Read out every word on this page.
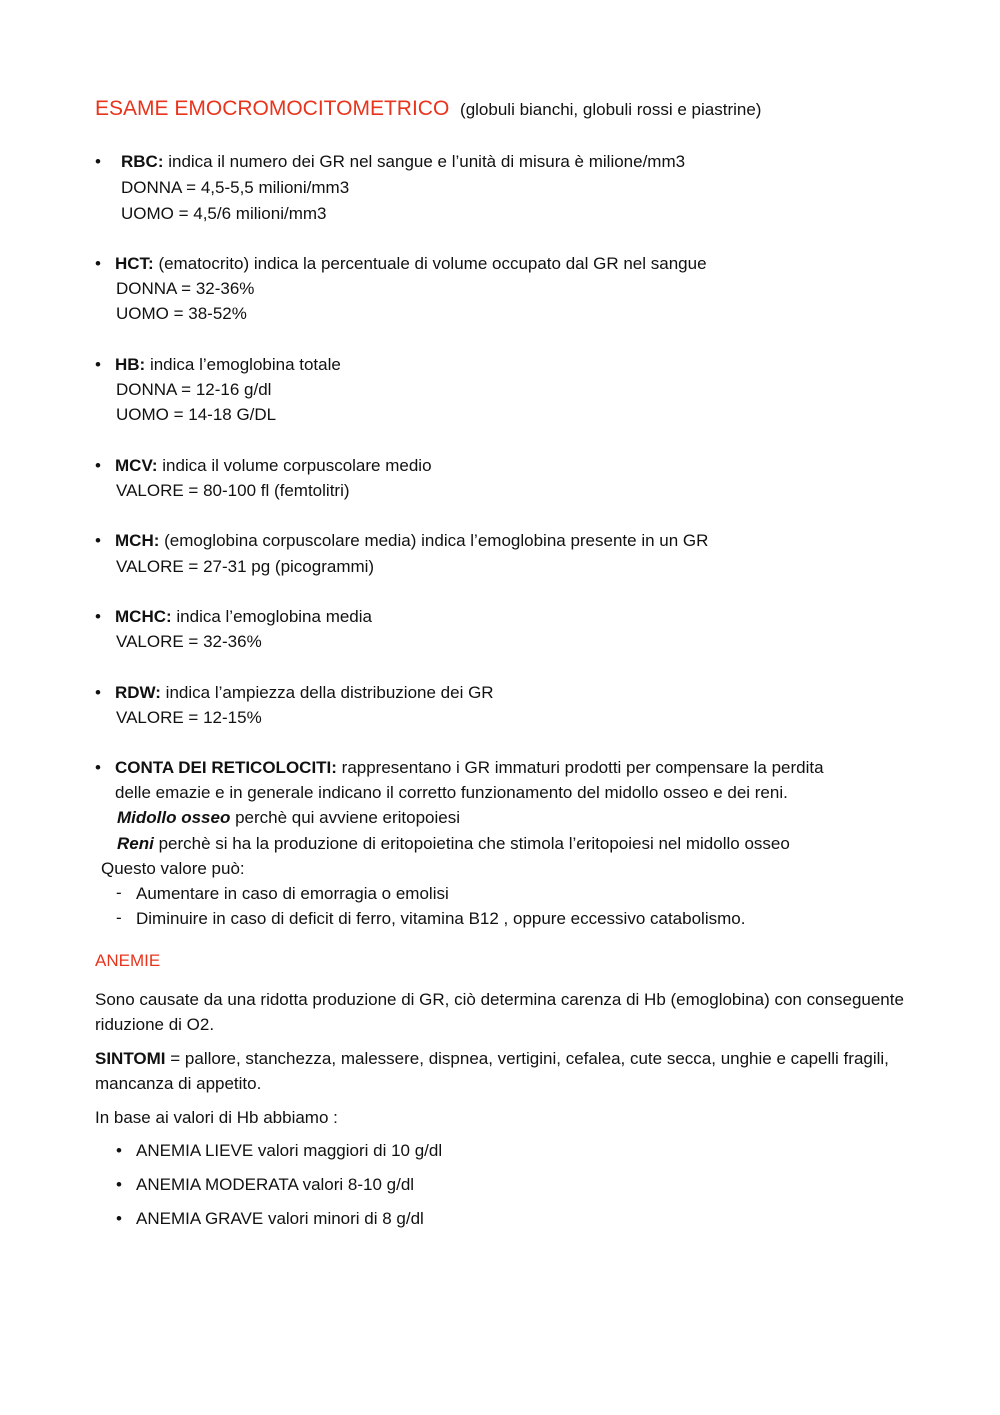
ESAME EMOCROMOCITOMETRICO (globuli bianchi, globuli rossi e piastrine)
• RBC: indica il numero dei GR nel sangue e l’unità di misura è milione/mm3
DONNA = 4,5-5,5 milioni/mm3
UOMO = 4,5/6 milioni/mm3
• HCT: (ematocrito) indica la percentuale di volume occupato dal GR nel sangue
DONNA = 32-36%
UOMO = 38-52%
• HB: indica l’emoglobina totale
DONNA = 12-16 g/dl
UOMO = 14-18 G/DL
• MCV: indica il volume corpuscolare medio
VALORE = 80-100 fl (femtolitri)
• MCH: (emoglobina corpuscolare media) indica l’emoglobina presente in un GR
VALORE = 27-31 pg (picogrammi)
• MCHC: indica l’emoglobina media
VALORE = 32-36%
• RDW: indica l’ampiezza della distribuzione dei GR
VALORE = 12-15%
• CONTA DEI RETICOLOCITI: rappresentano i GR immaturi prodotti per compensare la perdita
delle emazie e in generale indicano il corretto funzionamento del midollo osseo e dei reni.
Midollo osseo perchè qui avviene eritopoiesi
Reni perchè si ha la produzione di eritopoietina che stimola l’eritopoiesi nel midollo osseo
Questo valore può:
- Aumentare in caso di emorragia o emolisi
- Diminuire in caso di deficit di ferro, vitamina B12 , oppure eccessivo catabolismo.
ANEMIE
Sono causate da una ridotta produzione di GR, ciò determina carenza di Hb (emoglobina) con conseguente riduzione di O2.
SINTOMI = pallore, stanchezza, malessere, dispnea, vertigini, cefalea, cute secca, unghie e capelli fragili, mancanza di appetito.
In base ai valori di Hb abbiamo :
• ANEMIA LIEVE valori maggiori di 10 g/dl
• ANEMIA MODERATA valori 8-10 g/dl
• ANEMIA GRAVE valori minori di 8 g/dl
